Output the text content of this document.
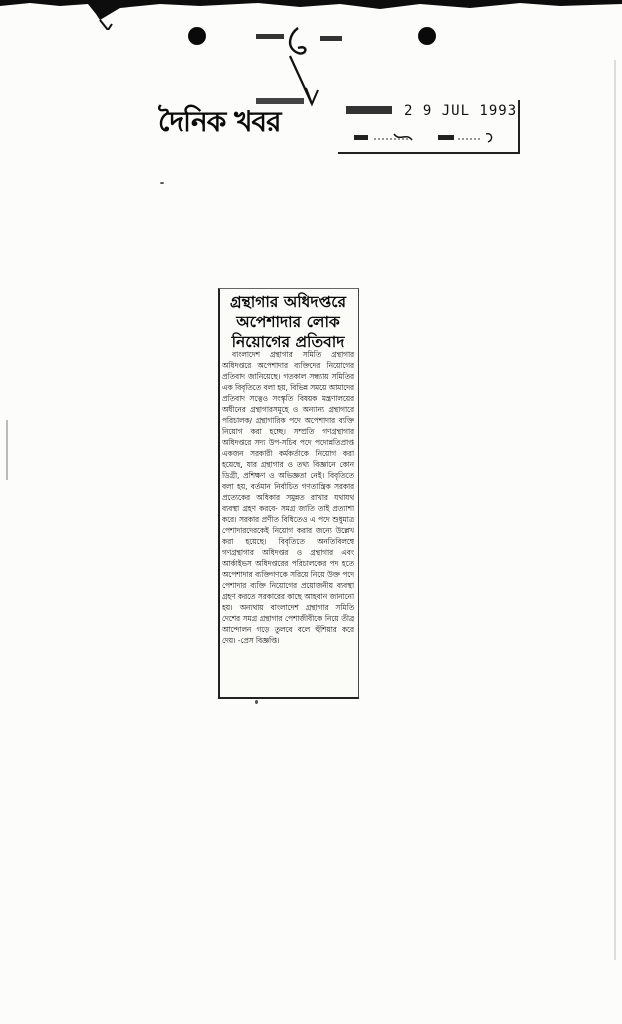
দৈনিক খবর	2 9 JUL 1993
গ্রন্থাগার অধিদপ্তরে
অপেশাদার লোক
নিয়োগের প্রতিবাদ

বাংলাদেশ গ্রন্থাগার সমিতি গ্রন্থাগার অধিদপ্তরে অপেশাদার ব্যক্তিদের নিয়োগের প্রতিবাদ জানিয়েছে। গতকাল সন্ধ্যায় সমিতির এক বিবৃতিতে বলা হয়, বিভিন্ন সময়ে আমাদের প্রতিবাদ সত্বেও সংস্কৃতি বিষয়ক মন্ত্রণালয়ের অধীনের গ্রন্থাগারসমূহে ও অন্যান্য গ্রন্থাগারে পরিচালক/ গ্রন্থাগারিক পদে অপেশাদার ব্যক্তি নিয়োগ করা হচ্ছে। সম্প্রতি গণগ্রন্থাগার অধিদপ্তরে সদ্য উপ-সচিব পদে পদোন্নতিপ্রাপ্ত একজন সরকারী কর্মকর্তাকে নিয়োগ করা হয়েছে, যার গ্রন্থাগার ও তথ্য বিজ্ঞানে কোন ডিগ্রী, প্রশিক্ষণ ও অভিজ্ঞতা নেই। বিবৃতিতে বলা হয়, বর্তমান নির্বাচিত গণতান্ত্রিক সরকার প্রত্যেকের অধিকার সমুন্নত রাখার যথাযথ ব্যবস্থা গ্রহণ করবে- সমগ্র জাতি তাই প্রত্যাশা করে। সরকার প্রণীত বিধিতেও এ পদে শুধুমাত্র পেশাদারদেরকেই নিয়োগ করার জন্যে উল্লেখ করা হয়েছে। বিবৃতিতে অনতিবিলম্বে গণগ্রন্থাগার অধিদপ্তর ও গ্রন্থাগার এবং আর্কাইভস অধিদপ্তরের পরিচালকের পদ হতে অপেশাদার ব্যক্তিগণকে সরিয়ে নিয়ে উক্ত পদে পেশাদার ব্যক্তি নিয়োগের প্রয়োজনীয় ব্যবস্থা গ্রহণ করতে সরকারের কাছে আহবান জানানো হয়। অন্যথায় বাংলাদেশ গ্রন্থাগার সমিতি দেশের সমগ্র গ্রন্থাগার পেশাজীবীকে নিয়ে তীব্র আন্দোলন গড়ে তুলবে বলে হুঁশিয়ার করে দেয়। -প্রেস বিজ্ঞপ্তি।
